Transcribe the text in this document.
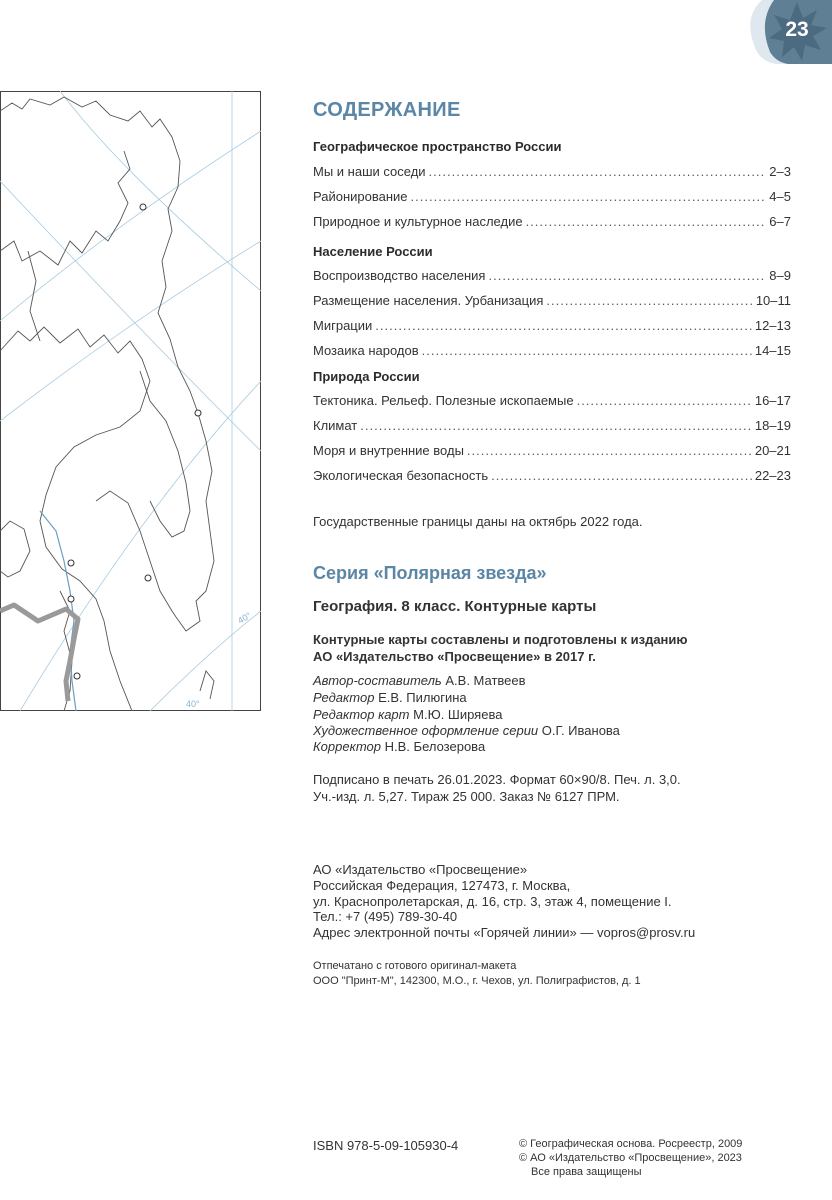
23
40°
40°
СОДЕРЖАНИЕ
Географическое пространство России
Мы и наши соседи .....	2–3
Районирование .....	4–5
Природное и культурное наследие .....	6–7
Население России
Воспроизводство населения .....	8–9
Размещение населения. Урбанизация .....	10–11
Миграции .....	12–13
Мозаика народов .....	14–15
Природа России
Тектоника. Рельеф. Полезные ископаемые .....	16–17
Климат .....	18–19
Моря и внутренние воды .....	20–21
Экологическая безопасность .....	22–23
Государственные границы даны на октябрь 2022 года.
Серия «Полярная звезда»
География. 8 класс. Контурные карты
Контурные карты составлены и подготовлены к изданию
АО «Издательство «Просвещение» в 2017 г.
Автор-составитель А.В. Матвеев
Редактор Е.В. Пилюгина
Редактор карт М.Ю. Ширяева
Художественное оформление серии О.Г. Иванова
Корректор Н.В. Белозерова
Подписано в печать 26.01.2023. Формат 60×90/8. Печ. л. 3,0.
Уч.-изд. л. 5,27. Тираж 25 000. Заказ № 6127 ПРМ.
АО «Издательство «Просвещение»
Российская Федерация, 127473, г. Москва,
ул. Краснопролетарская, д. 16, стр. 3, этаж 4, помещение I.
Тел.: +7 (495) 789-30-40
Адрес электронной почты «Горячей линии» — vopros@prosv.ru
Отпечатано с готового оригинал-макета
ООО "Принт-М", 142300, М.О., г. Чехов, ул. Полиграфистов, д. 1
ISBN 978-5-09-105930-4	© Географическая основа. Росреестр, 2009
© АО «Издательство «Просвещение», 2023
Все права защищены
